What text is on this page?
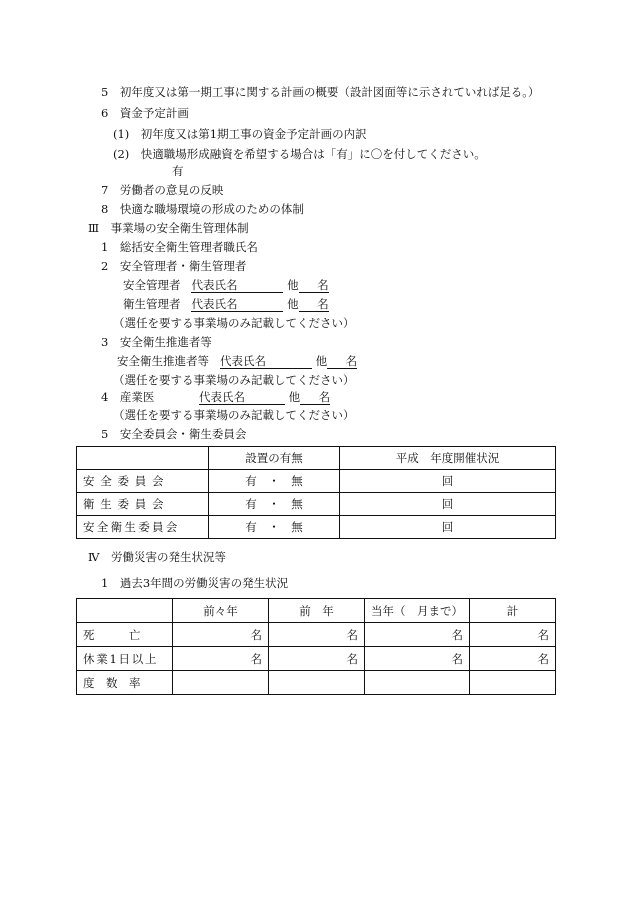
5　初年度又は第一期工事に関する計画の概要（設計図面等に示されていれば足る。）
6　資金予定計画
(1)　初年度又は第1期工事の資金予定計画の内訳
(2)　快適職場形成融資を希望する場合は「有」に〇を付してください。
有
7　労働者の意見の反映
8　快適な職場環境の形成のための体制
Ⅲ　事業場の安全衛生管理体制
1　総括安全衛生管理者職氏名
2　安全管理者・衛生管理者
安全管理者 代表氏名	他 名
衛生管理者 代表氏名	他 名
（選任を要する事業場のみ記載してください）
3　安全衛生推進者等
安全衛生推進者等 代表氏名	他 名
（選任を要する事業場のみ記載してください）
4　産業医	代表氏名	他 名
（選任を要する事業場のみ記載してください）
5　安全委員会・衛生委員会
	設置の有無	平成　年度開催状況
安全委員会	有　・　無	回
衛生委員会	有　・　無	回
安全衛生委員会	有　・　無	回
Ⅳ　労働災害の発生状況等
1　過去3年間の労働災害の発生状況
	前々年	前　年	当年（　月まで）	計
死　　　亡	名	名	名	名
休業1日以上	名	名	名	名
度　数　率				
